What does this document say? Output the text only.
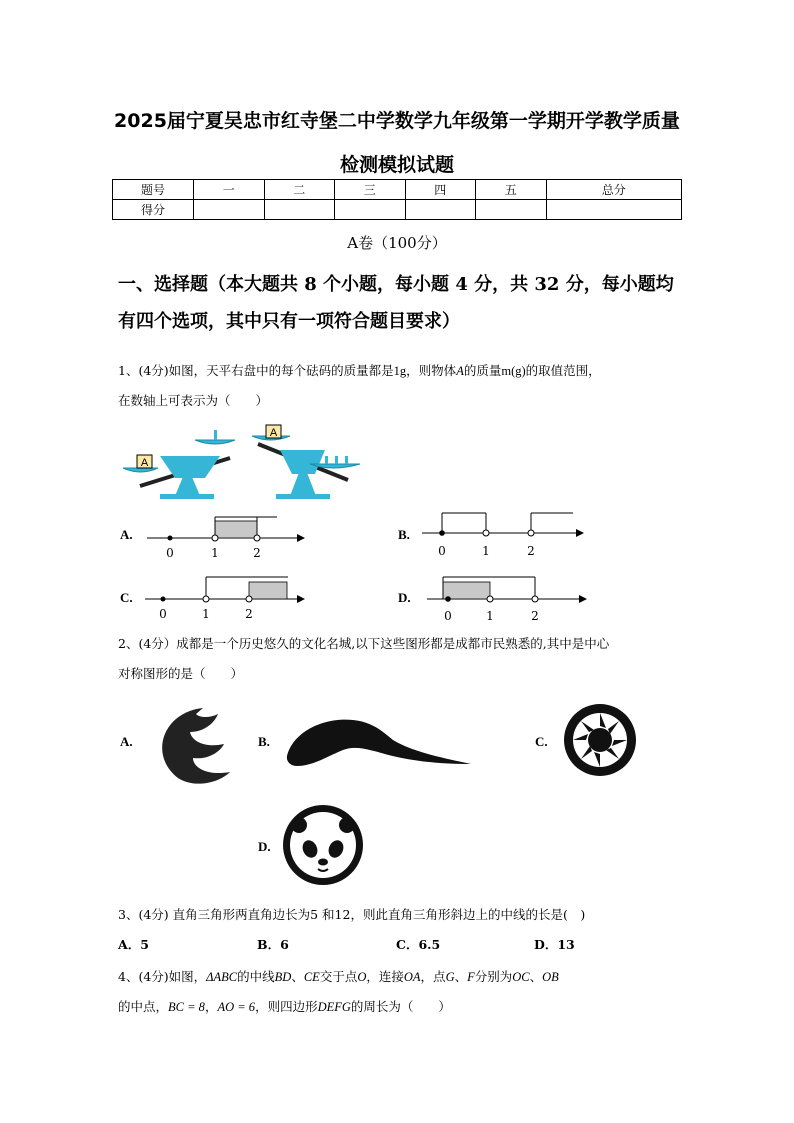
2025届宁夏吴忠市红寺堡二中学数学九年级第一学期开学教学质量
检测模拟试题
题号	一	二	三	四	五	总分
得分						
A卷（100分）
一、选择题（本大题共 8 个小题，每小题 4 分，共 32 分，每小题均
有四个选项，其中只有一项符合题目要求）
1、(4分)如图，天平右盘中的每个砝码的质量都是1g，则物体A的质量m(g)的取值范围，
在数轴上可表示为（　　）
A
A
A.
0	1	2
B.
0	1	2
C.
0	1	2
D.
0	1	2
2、(4分）成都是一个历史悠久的文化名城,以下这些图形都是成都市民熟悉的,其中是中心
对称图形的是（　　）
A.	B.	C.
D.
3、(4分) 直角三角形两直角边长为5 和12，则此直角三角形斜边上的中线的长是(　)
A．5	B．6	C．6.5	D．13
4、(4分)如图，ΔABC的中线BD、CE交于点O，连接OA，点G、F分别为OC、OB
的中点，BC = 8，AO = 6，则四边形DEFG的周长为（　　）
